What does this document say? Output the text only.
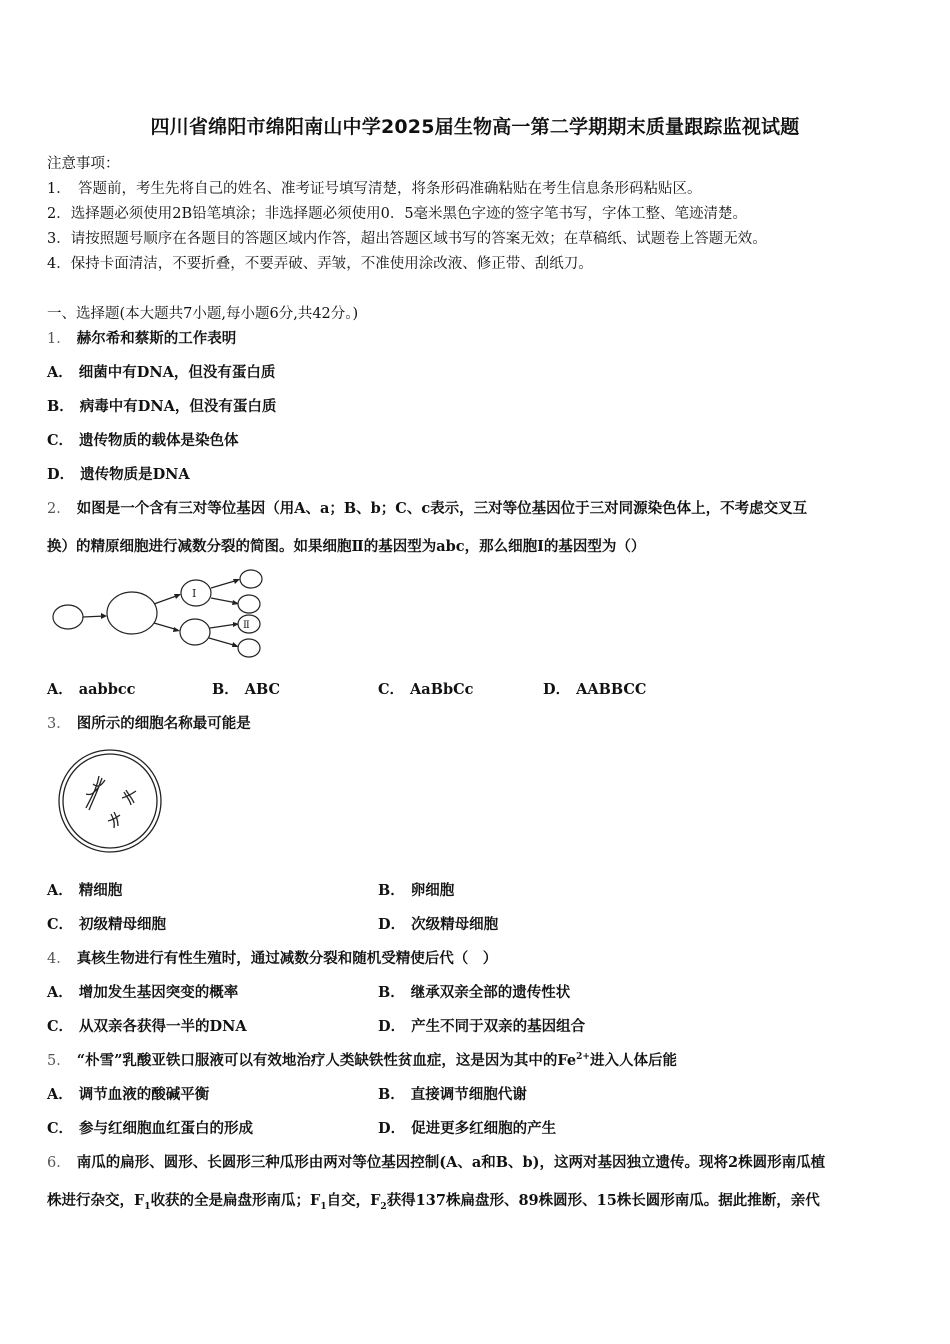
四川省绵阳市绵阳南山中学2025届生物高一第二学期期末质量跟踪监视试题
注意事项：
1．　答题前，考生先将自己的姓名、准考证号填写清楚，将条形码准确粘贴在考生信息条形码粘贴区。
2．选择题必须使用2B铅笔填涂；非选择题必须使用0．5毫米黑色字迹的签字笔书写，字体工整、笔迹清楚。
3．请按照题号顺序在各题目的答题区域内作答，超出答题区域书写的答案无效；在草稿纸、试题卷上答题无效。
4．保持卡面清洁，不要折叠，不要弄破、弄皱，不准使用涂改液、修正带、刮纸刀。
一、选择题(本大题共7小题,每小题6分,共42分。)
1． 赫尔希和蔡斯的工作表明
A． 细菌中有DNA，但没有蛋白质
B． 病毒中有DNA，但没有蛋白质
C． 遗传物质的载体是染色体
D． 遗传物质是DNA
2． 如图是一个含有三对等位基因（用A、a；B、b；C、c表示，三对等位基因位于三对同源染色体上，不考虑交叉互
换）的精原细胞进行减数分裂的简图。如果细胞Ⅱ的基因型为abc，那么细胞Ⅰ的基因型为（）
Ⅰ
Ⅱ
A． aabbcc	B． ABC	C． AaBbCc	D． AABBCC
3． 图所示的细胞名称最可能是
A． 精细胞	B． 卵细胞
C． 初级精母细胞	D． 次级精母细胞
4． 真核生物进行有性生殖时，通过减数分裂和随机受精使后代（　）
A． 增加发生基因突变的概率	B． 继承双亲全部的遗传性状
C． 从双亲各获得一半的DNA	D． 产生不同于双亲的基因组合
5． “朴雪”乳酸亚铁口服液可以有效地治疗人类缺铁性贫血症，这是因为其中的$Fe^{2+}$进入人体后能
A． 调节血液的酸碱平衡	B． 直接调节细胞代谢
C． 参与红细胞血红蛋白的形成	D． 促进更多红细胞的产生
6． 南瓜的扁形、圆形、长圆形三种瓜形由两对等位基因控制(A、a和B、b)，这两对基因独立遗传。现将2株圆形南瓜植
株进行杂交，$F_1$收获的全是扁盘形南瓜；$F_1$自交，$F_2$获得137株扁盘形、89株圆形、15株长圆形南瓜。据此推断，亲代
